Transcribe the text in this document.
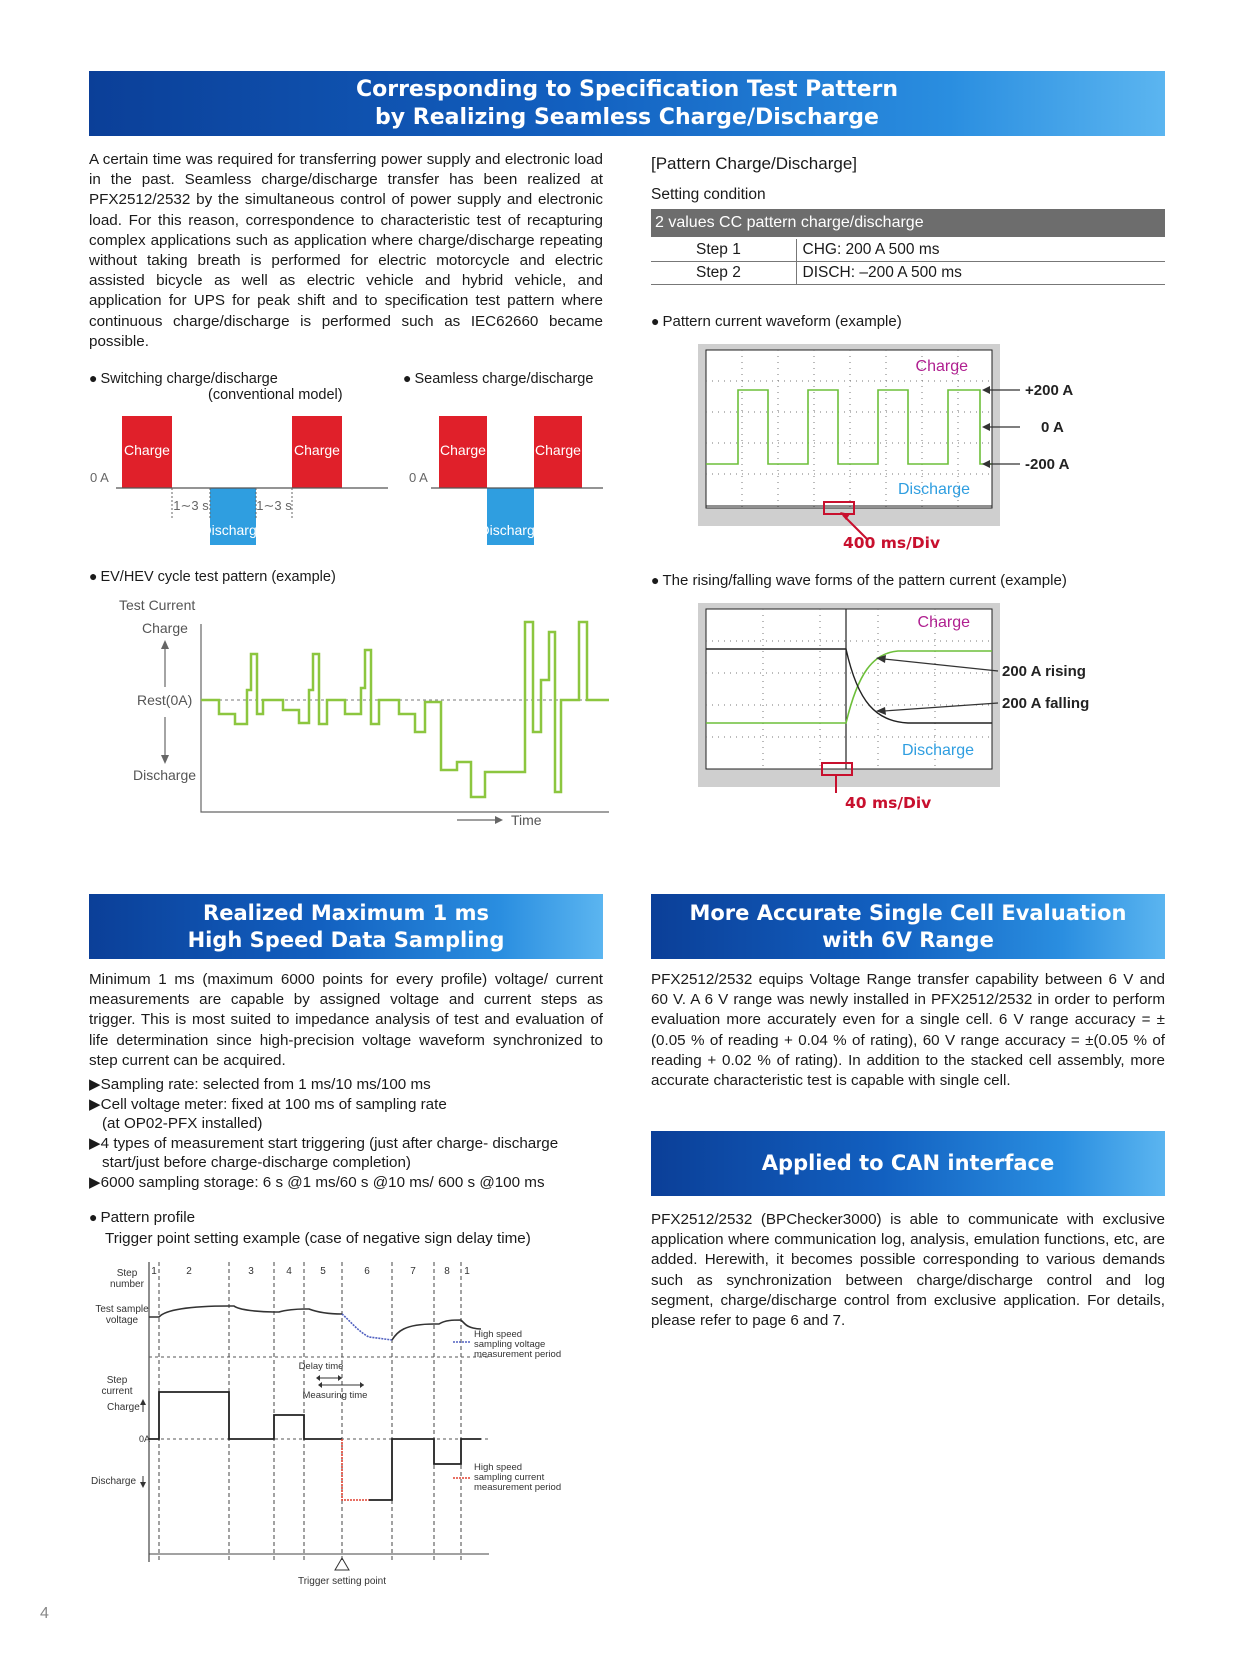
Corresponding to Specification Test Pattern
by Realizing Seamless Charge/Discharge

A certain time was required for transferring power supply and electronic load in the past. Seamless charge/discharge transfer has been realized at PFX2512/2532 by the simultaneous control of power supply and electronic load. For this reason, correspondence to characteristic test of recapturing complex applications such as application where charge/discharge repeating without taking breath is performed for electric motorcycle and electric assisted bicycle as well as electric vehicle and hybrid vehicle, and application for UPS for peak shift and to specification test pattern where continuous charge/discharge is performed such as IEC62660 became possible.

● Switching charge/discharge
(conventional model)
Charge	Charge
Discharge
0 A
1∼3 s	1∼3 s
● Seamless charge/discharge
Charge	Charge
Discharge
0 A
● EV/HEV cycle test pattern (example)
Test Current
Charge
Rest(0A)
Discharge
Time
[Pattern Charge/Discharge]
Setting condition
2 values CC pattern charge/discharge
Step 1	CHG: 200 A 500 ms
Step 2	DISCH: –200 A 500 ms
● Pattern current waveform (example)
Charge
Discharge
+200 A
0 A
-200 A
400 ms/Div
● The rising/falling wave forms of the pattern current (example)
Charge
Discharge
200 A rising
200 A falling
40 ms/Div
Realized Maximum 1 ms
High Speed Data Sampling

Minimum 1 ms (maximum 6000 points for every profile) voltage/ current measurements are capable by assigned voltage and current steps as trigger. This is most suited to impedance analysis of test and evaluation of life determination since high-precision voltage waveform synchronized to step current can be acquired.

▶Sampling rate: selected from 1 ms/10 ms/100 ms
▶Cell voltage meter: fixed at 100 ms of sampling rate
(at OP02-PFX installed)
▶4 types of measurement start triggering (just after charge- discharge
start/just before charge-discharge completion)
▶6000 sampling storage: 6 s @1 ms/60 s @10 ms/ 600 s @100 ms
● Pattern profile
Trigger point setting example (case of negative sign delay time)
Step
number
Test sample
voltage
Step
current
Charge
0A
Discharge
1	2	3	4	5	6	7	8 1
High speed
sampling voltage
measurement period
Delay time
Measuring time
High speed
sampling current
measurement period
Trigger setting point
More Accurate Single Cell Evaluation
with 6V Range

PFX2512/2532 equips Voltage Range transfer capability between 6 V and 60 V. A 6 V range was newly installed in PFX2512/2532 in order to perform evaluation more accurately even for a single cell. 6 V range accuracy = ±(0.05 % of reading + 0.04 % of rating), 60 V range accuracy = ±(0.05 % of reading + 0.02 % of rating). In addition to the stacked cell assembly, more accurate characteristic test is capable with single cell.

Applied to CAN interface

PFX2512/2532 (BPChecker3000) is able to communicate with exclusive application where communication log, analysis, emulation functions, etc, are added. Herewith, it becomes possible corresponding to various demands such as synchronization between charge/discharge control and log segment, charge/discharge control from exclusive application. For details, please refer to page 6 and 7.

4
